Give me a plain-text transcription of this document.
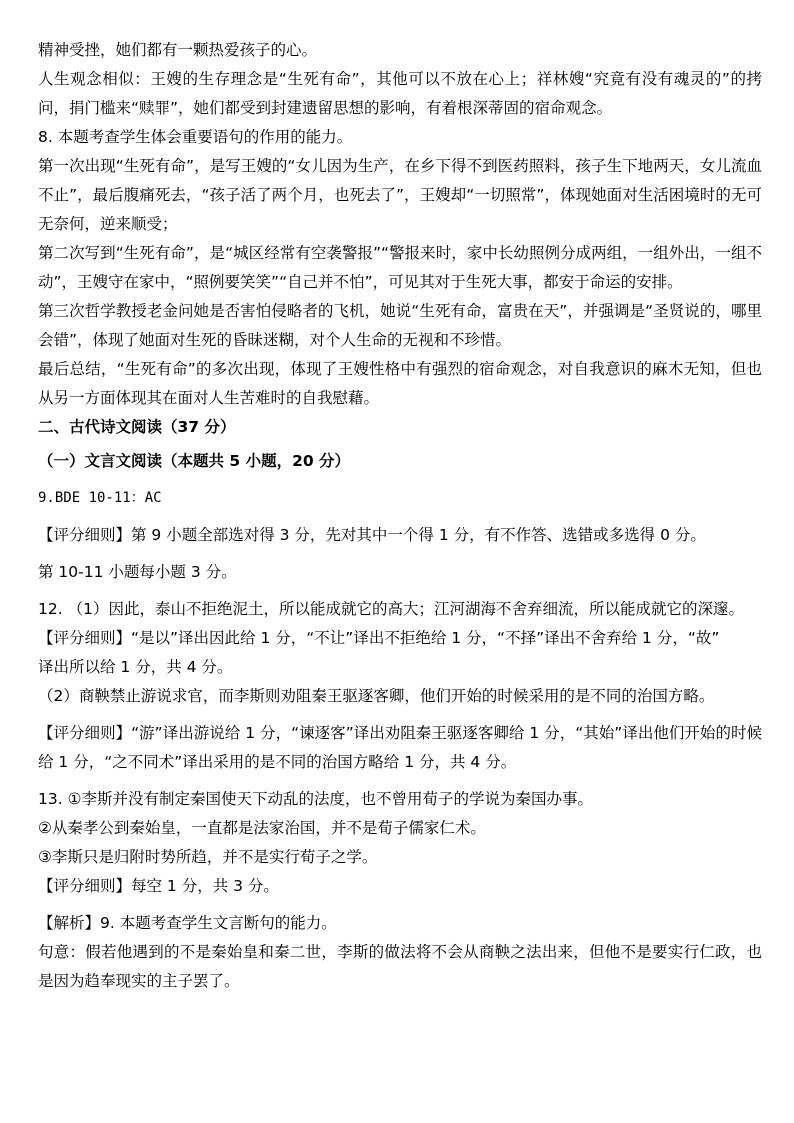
精神受挫，她们都有一颗热爱孩子的心。

人生观念相似：王嫂的生存理念是“生死有命”，其他可以不放在心上；祥林嫂“究竟有没有魂灵的”的拷问，捐门槛来“赎罪”，她们都受到封建遗留思想的影响，有着根深蒂固的宿命观念。

8. 本题考查学生体会重要语句的作用的能力。

第一次出现“生死有命”，是写王嫂的“女儿因为生产，在乡下得不到医药照料，孩子生下地两天，女儿流血不止”，最后腹痛死去，“孩子活了两个月，也死去了”，王嫂却“一切照常”，体现她面对生活困境时的无可无奈何，逆来顺受；

第二次写到“生死有命”，是“城区经常有空袭警报”“警报来时，家中长幼照例分成两组，一组外出，一组不动”，王嫂守在家中，“照例要笑笑”“自己并不怕”，可见其对于生死大事，都安于命运的安排。

第三次哲学教授老金问她是否害怕侵略者的飞机，她说“生死有命，富贵在天”，并强调是“圣贤说的，哪里会错”，体现了她面对生死的昏昧迷糊，对个人生命的无视和不珍惜。

最后总结，“生死有命”的多次出现，体现了王嫂性格中有强烈的宿命观念，对自我意识的麻木无知，但也从另一方面体现其在面对人生苦难时的自我慰藉。

二、古代诗文阅读（37 分）

（一）文言文阅读（本题共 5 小题，20 分）

9.BDE 10-11：AC

【评分细则】第 9 小题全部选对得 3 分，先对其中一个得 1 分，有不作答、选错或多选得 0 分。

第 10-11 小题每小题 3 分。

12. （1）因此，泰山不拒绝泥土，所以能成就它的高大；江河湖海不舍弃细流，所以能成就它的深邃。

【评分细则】“是以”译出因此给 1 分，“不让”译出不拒绝给 1 分，“不择”译出不舍弃给 1 分，“故”

译出所以给 1 分，共 4 分。

（2）商鞅禁止游说求官，而李斯则劝阻秦王驱逐客卿，他们开始的时候采用的是不同的治国方略。

【评分细则】“游”译出游说给 1 分，“谏逐客”译出劝阻秦王驱逐客卿给 1 分，“其始”译出他们开始的时候给 1 分，“之不同术”译出采用的是不同的治国方略给 1 分，共 4 分。

13. ①李斯并没有制定秦国使天下动乱的法度，也不曾用荀子的学说为秦国办事。

②从秦孝公到秦始皇，一直都是法家治国，并不是荀子儒家仁术。

③李斯只是归附时势所趋，并不是实行荀子之学。

【评分细则】每空 1 分，共 3 分。

【解析】9. 本题考查学生文言断句的能力。

句意：假若他遇到的不是秦始皇和秦二世，李斯的做法将不会从商鞅之法出来，但他不是要实行仁政，也是因为趋奉现实的主子罢了。
